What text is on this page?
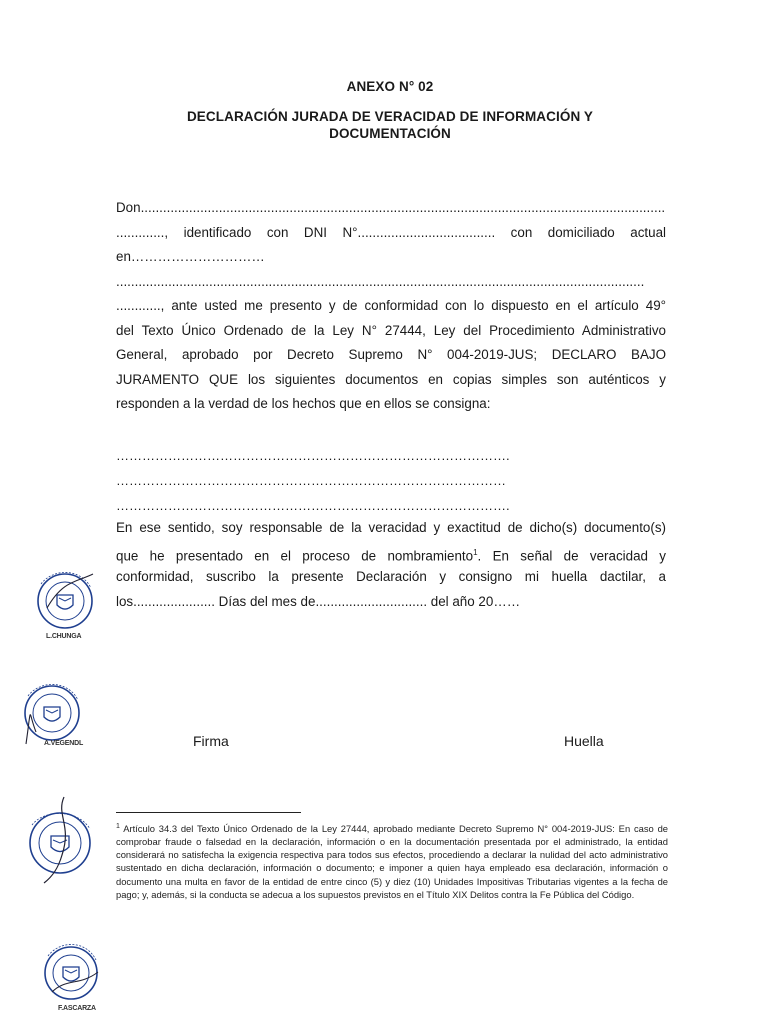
ANEXO N° 02
DECLARACIÓN JURADA DE VERACIDAD DE INFORMACIÓN Y
DOCUMENTACIÓN
Don.............................................................................................................................................
............., identificado con DNI N°..................................... con domiciliado actual
en…………………………
..............................................................................................................................................
............, ante usted me presento y de conformidad con lo dispuesto en el artículo 49°
del Texto Único Ordenado de la Ley N° 27444, Ley del Procedimiento Administrativo
General, aprobado por Decreto Supremo N° 004-2019-JUS; DECLARO BAJO
JURAMENTO QUE los siguientes documentos en copias simples son auténticos y
responden a la verdad de los hechos que en ellos se consigna:
……………………………………………………………………………….
………………………………………………………………………………
……………………………………………………………………………….
En ese sentido, soy responsable de la veracidad y exactitud de dicho(s) documento(s)
que he presentado en el proceso de nombramiento$^1$. En señal de veracidad y
conformidad, suscribo la presente Declaración y consigno mi huella dactilar, a
los...................... Días del mes de.............................. del año 20……
Firma	Huella
$^1$ Artículo 34.3 del Texto Único Ordenado de la Ley 27444, aprobado mediante Decreto Supremo N° 004-2019-JUS: En caso de comprobar fraude o falsedad en la declaración, información o en la documentación presentada por el administrado, la entidad considerará no satisfecha la exigencia respectiva para todos sus efectos, procediendo a declarar la nulidad del acto administrativo sustentado en dicha declaración, información o documento; e imponer a quien haya empleado esa declaración, información o documento una multa en favor de la entidad de entre cinco (5) y diez (10) Unidades Impositivas Tributarias vigentes a la fecha de pago; y, además, si la conducta se adecua a los supuestos previstos en el Título XIX Delitos contra la Fe Pública del Código.
L.CHUNGA
A.VEGENDL
F.ASCARZA
